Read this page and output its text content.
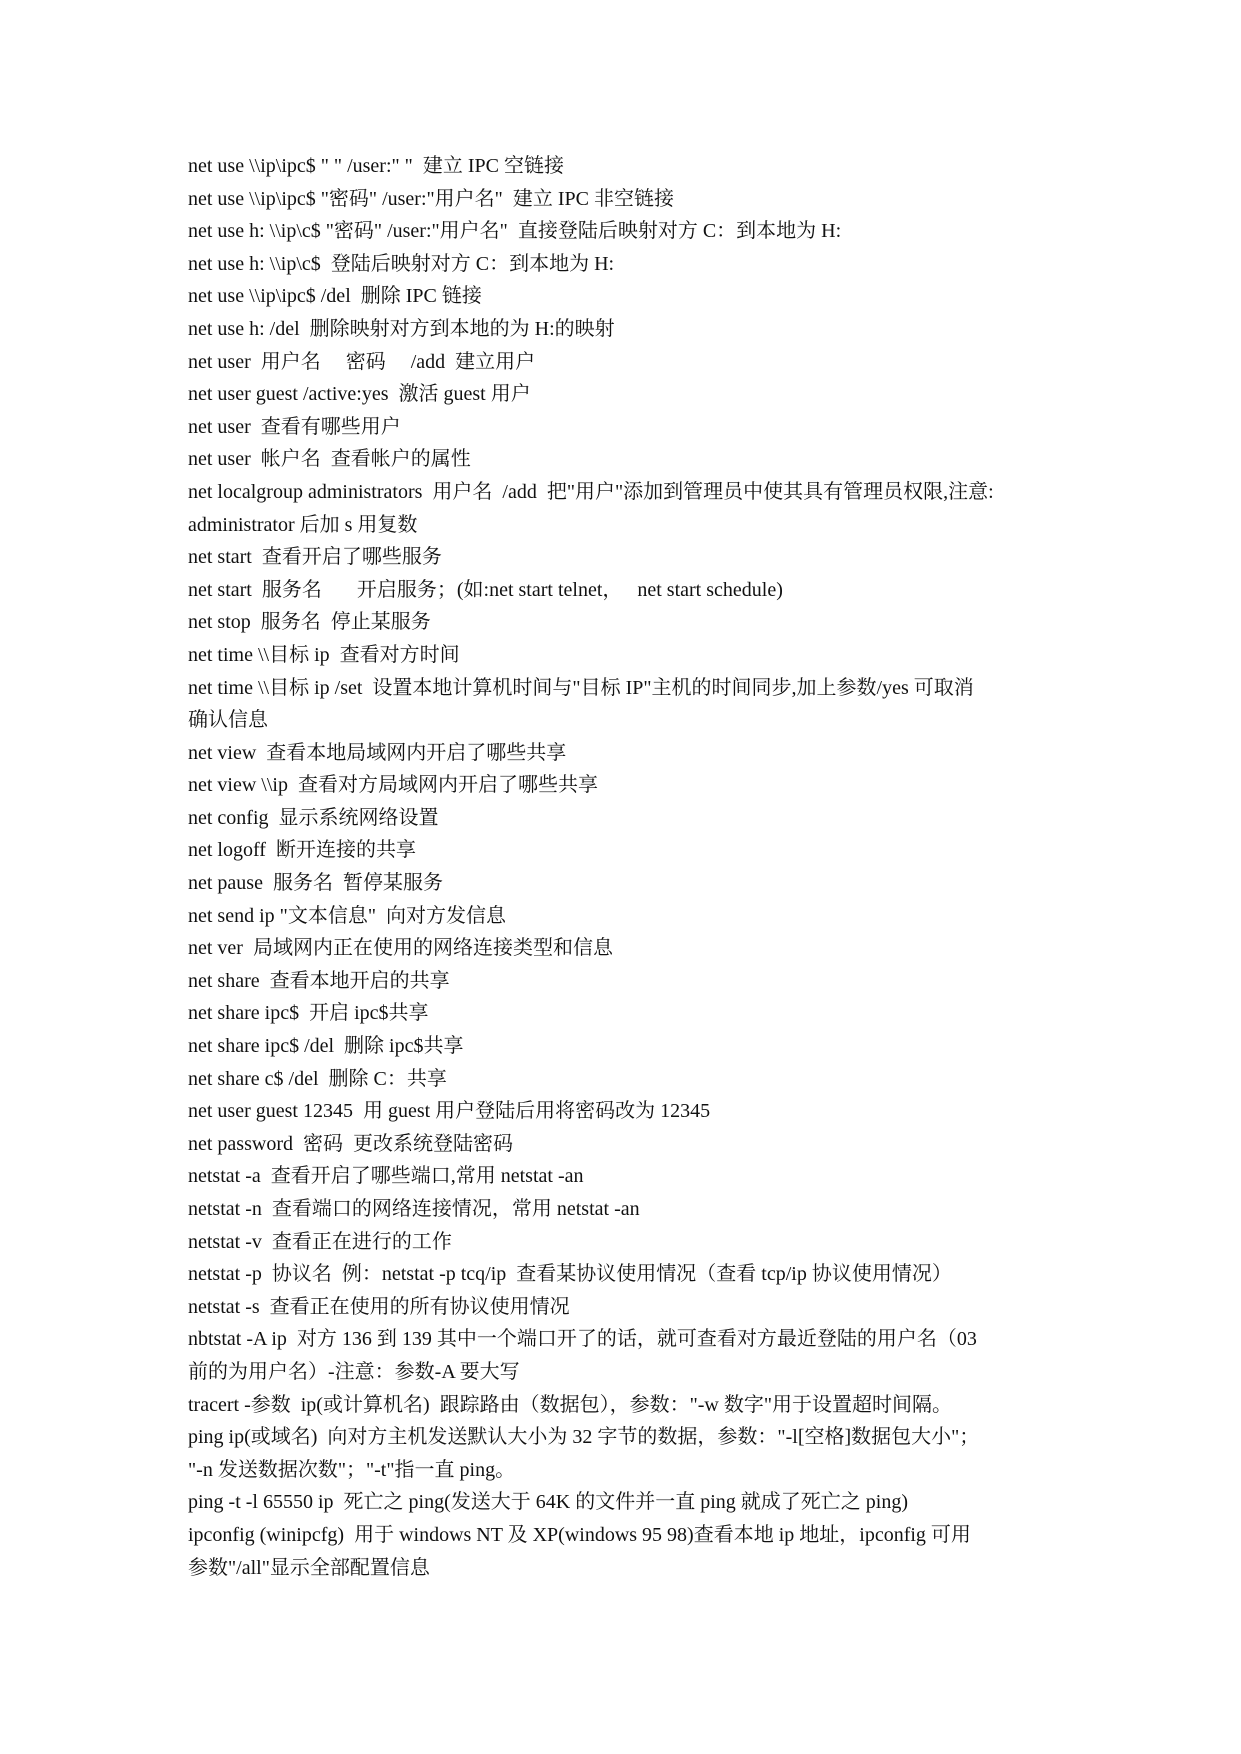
net use \\ip\ipc$ " " /user:" "  建立 IPC 空链接
net use \\ip\ipc$ "密码" /user:"用户名"  建立 IPC 非空链接
net use h: \\ip\c$ "密码" /user:"用户名"  直接登陆后映射对方 C：到本地为 H:
net use h: \\ip\c$  登陆后映射对方 C：到本地为 H:
net use \\ip\ipc$ /del  删除 IPC 链接
net use h: /del  删除映射对方到本地的为 H:的映射
net user  用户名     密码     /add  建立用户
net user guest /active:yes  激活 guest 用户
net user  查看有哪些用户
net user  帐户名  查看帐户的属性
net localgroup administrators  用户名  /add  把"用户"添加到管理员中使其具有管理员权限,注意:
administrator 后加 s 用复数
net start  查看开启了哪些服务
net start  服务名       开启服务；(如:net start telnet，   net start schedule)
net stop  服务名  停止某服务
net time \\目标 ip  查看对方时间
net time \\目标 ip /set  设置本地计算机时间与"目标 IP"主机的时间同步,加上参数/yes 可取消
确认信息
net view  查看本地局域网内开启了哪些共享
net view \\ip  查看对方局域网内开启了哪些共享
net config  显示系统网络设置
net logoff  断开连接的共享
net pause  服务名  暂停某服务
net send ip "文本信息"  向对方发信息
net ver  局域网内正在使用的网络连接类型和信息
net share  查看本地开启的共享
net share ipc$  开启 ipc$共享
net share ipc$ /del  删除 ipc$共享
net share c$ /del  删除 C：共享
net user guest 12345  用 guest 用户登陆后用将密码改为 12345
net password  密码  更改系统登陆密码
netstat -a  查看开启了哪些端口,常用 netstat -an
netstat -n  查看端口的网络连接情况，常用 netstat -an
netstat -v  查看正在进行的工作
netstat -p  协议名  例：netstat -p tcq/ip  查看某协议使用情况（查看 tcp/ip 协议使用情况）
netstat -s  查看正在使用的所有协议使用情况
nbtstat -A ip  对方 136 到 139 其中一个端口开了的话，就可查看对方最近登陆的用户名（03
前的为用户名）-注意：参数-A 要大写
tracert -参数  ip(或计算机名)  跟踪路由（数据包），参数："-w 数字"用于设置超时间隔。
ping ip(或域名)  向对方主机发送默认大小为 32 字节的数据，参数："-l[空格]数据包大小"；
"-n 发送数据次数"；"-t"指一直 ping。
ping -t -l 65550 ip  死亡之 ping(发送大于 64K 的文件并一直 ping 就成了死亡之 ping)
ipconfig (winipcfg)  用于 windows NT 及 XP(windows 95 98)查看本地 ip 地址，ipconfig 可用
参数"/all"显示全部配置信息
